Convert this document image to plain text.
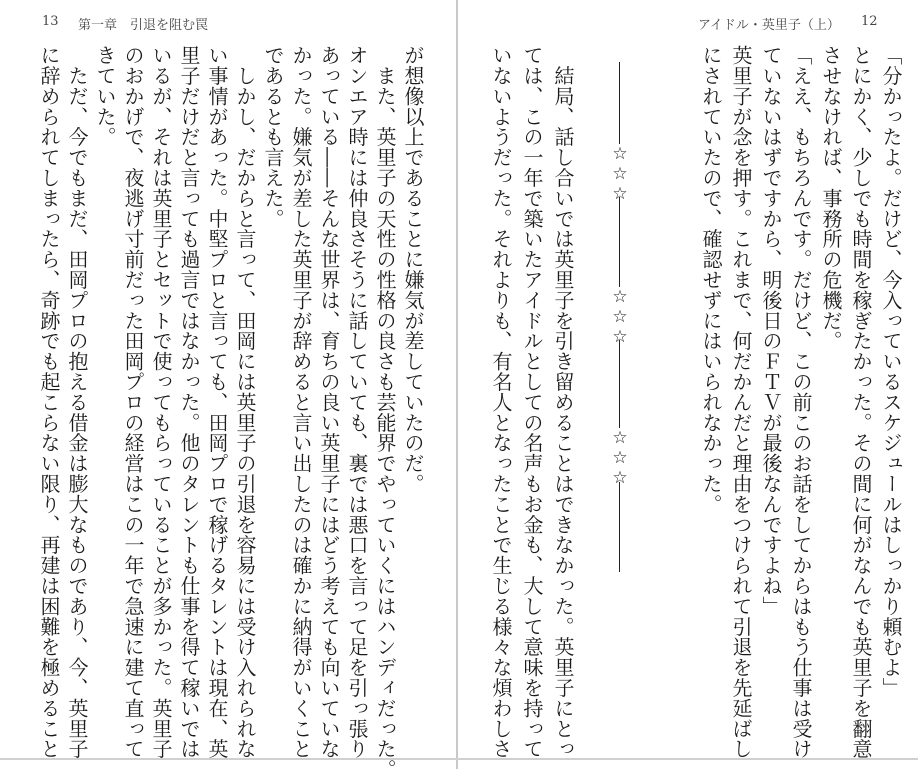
アイドル・英里子（上） 12
「分かったよ。だけど、今入っているスケジュールはしっかり頼むよ」
とにかく、少しでも時間を稼ぎたかった。その間に何がなんでも英里子を翻意
させなければ、事務所の危機だ。
「ええ、もちろんです。だけど、この前このお話をしてからはもう仕事は受け
ていないはずですから、明後日のＦＴＶが最後なんですよね」
英里子が念を押す。これまで、何だかんだと理由をつけられて引退を先延ばし
にされていたので、確認せずにはいられなかった。
☆☆☆
☆☆☆
☆☆☆
　結局、話し合いでは英里子を引き留めることはできなかった。英里子にとっ
ては、この一年で築いたアイドルとしての名声もお金も、大して意味を持って
いないようだった。それよりも、有名人となったことで生じる様々な煩わしさ
13 第一章　引退を阻む罠
が想像以上であることに嫌気が差していたのだ。
　また、英里子の天性の性格の良さも芸能界でやっていくにはハンディだった。
オンエア時には仲良さそうに話していても、裏では悪口を言って足を引っ張り
あっている――そんな世界は、育ちの良い英里子にはどう考えても向いていな
かった。嫌気が差した英里子が辞めると言い出したのは確かに納得がいくこと
であるとも言えた。
　しかし、だからと言って、田岡には英里子の引退を容易には受け入れられな
い事情があった。中堅プロと言っても、田岡プロで稼げるタレントは現在、英
里子だけだと言っても過言ではなかった。他のタレントも仕事を得て稼いでは
いるが、それは英里子とセットで使ってもらっていることが多かった。英里子
のおかげで、夜逃げ寸前だった田岡プロの経営はこの一年で急速に建て直って
きていた。
　ただ、今でもまだ、田岡プロの抱える借金は膨大なものであり、今、英里子
に辞められてしまったら、奇跡でも起こらない限り、再建は困難を極めること
